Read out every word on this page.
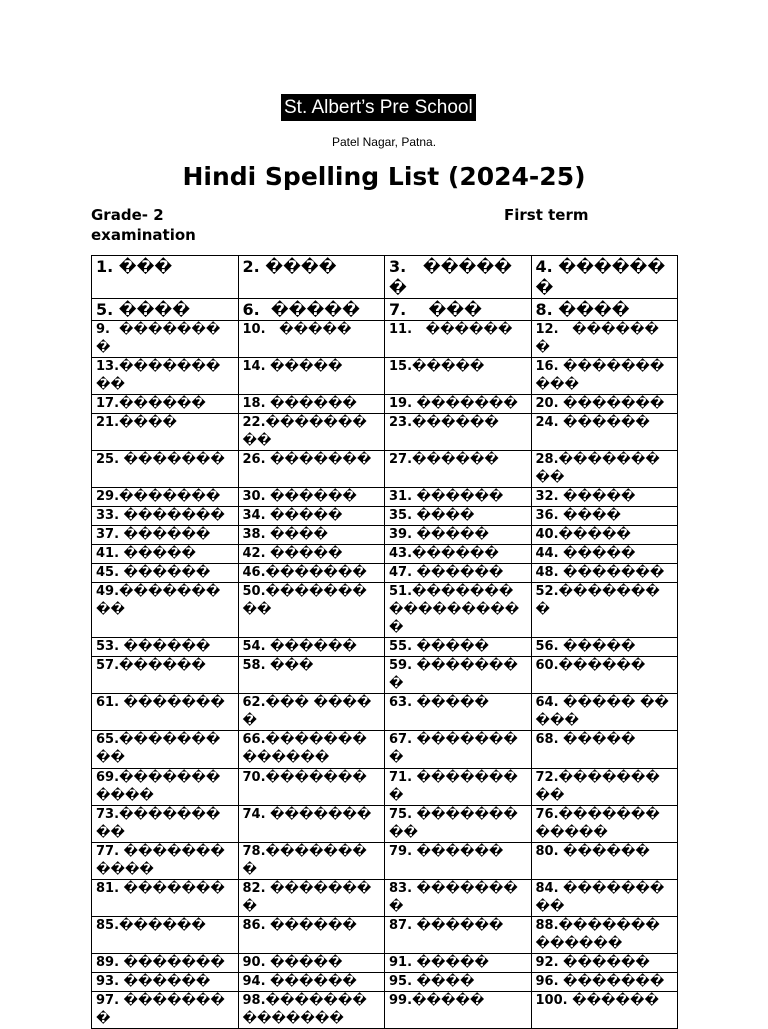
St. Albert’s Pre School
Patel Nagar, Patna.
Hindi Spelling List (2024-25)
Grade- 2	First term
examination
1. ���	2. ����	3.   ������	4. �������
5. ����	6.  �����	7.    ���	8. ����
9.  ��������	10.   �����	11.   ������	12.   �������
13.���������	14. �����	15.�����	16. ����������
17.������	18. ������	19. �������	20. �������
21.����	22.���������	23.������	24. ������
25. �������	26. �������	27.������	28.���������
29.�������	30. ������	31. ������	32. �����
33. �������	34. �����	35. ����	36. ����
37. ������	38. ����	39. �����	40.�����
41. �����	42. �����	43.������	44. �����
45. ������	46.�������	47. ������	48. �������
49.���������	50.���������	51.�����������������	52.��������
53. ������	54. ������	55. �����	56. �����
57.������	58. ���	59. ��������	60.������
61. �������	62.��� �����	63. �����	64. ����� �����
65.���������	66.�������������	67. ��������	68. �����
69.�����������	70.�������	71. ��������	72.���������
73.���������	74. �������	75. ���������	76.������������
77. �����������	78.��������	79. ������	80. ������
81. �������	82. ��������	83. ��������	84. ���������
85.������	86. ������	87. ������	88.�������������
89. �������	90. �����	91. �����	92. ������
93. ������	94. ������	95. ����	96. �������
97. ��������	98.��������������	99.�����	100. ������
